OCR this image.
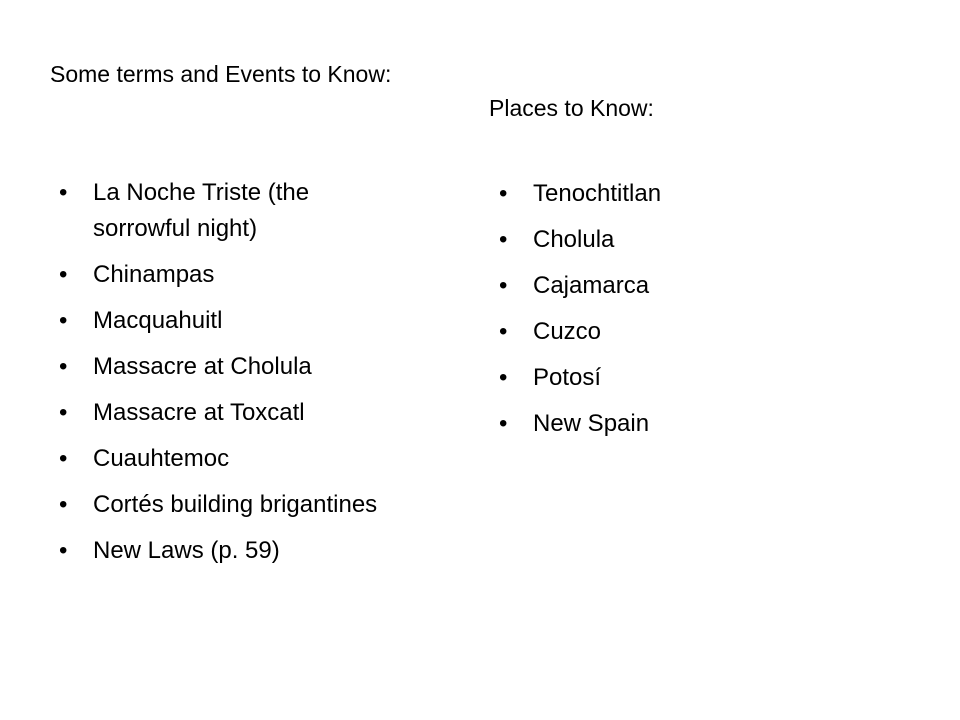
Some terms and Events to Know:
Places to Know:
• La Noche Triste (the sorrowful night)
• Chinampas
• Macquahuitl
• Massacre at Cholula
• Massacre at Toxcatl
• Cuauhtemoc
• Cortés building brigantines
• New Laws (p. 59)
• Tenochtitlan
• Cholula
• Cajamarca
• Cuzco
• Potosí
• New Spain
